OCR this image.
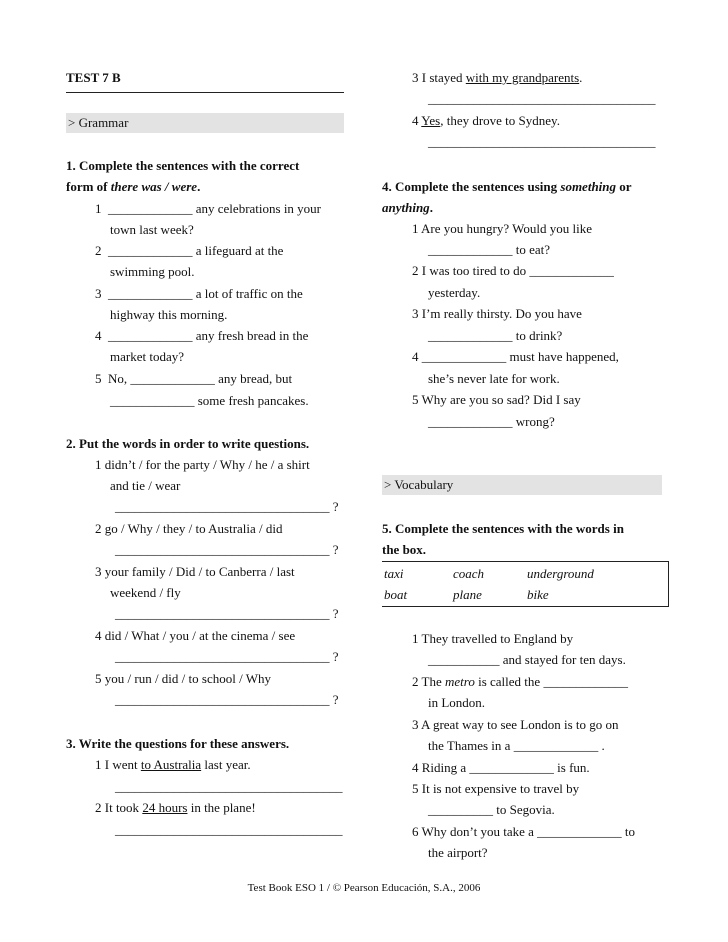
TEST 7 B
> Grammar
1. Complete the sentences with the correct
form of there was / were.
1 _____________ any celebrations in your
town last week?
2 _____________ a lifeguard at the
swimming pool.
3 _____________ a lot of traffic on the
highway this morning.
4 _____________ any fresh bread in the
market today?
5 No, _____________ any bread, but
_____________ some fresh pancakes.
2. Put the words in order to write questions.
1 didn’t / for the party / Why / he / a shirt
and tie / wear
_________________________________ ?
2 go / Why / they / to Australia / did
_________________________________ ?
3 your family / Did / to Canberra / last
weekend / fly
_________________________________ ?
4 did / What / you / at the cinema / see
_________________________________ ?
5 you / run / did / to school / Why
_________________________________ ?
3. Write the questions for these answers.
1 I went to Australia last year.
___________________________________
2 It took 24 hours in the plane!
___________________________________
3 I stayed with my grandparents.
___________________________________
4 Yes, they drove to Sydney.
___________________________________
4. Complete the sentences using something or
anything.
1 Are you hungry? Would you like
_____________ to eat?
2 I was too tired to do _____________
yesterday.
3 I’m really thirsty. Do you have
_____________ to drink?
4 _____________ must have happened,
she’s never late for work.
5 Why are you so sad? Did I say
_____________ wrong?
> Vocabulary
5. Complete the sentences with the words in
the box.
taxi	coach	underground
boat	plane	bike
1 They travelled to England by
___________ and stayed for ten days.
2 The metro is called the _____________
in London.
3 A great way to see London is to go on
the Thames in a _____________ .
4 Riding a _____________ is fun.
5 It is not expensive to travel by
__________ to Segovia.
6 Why don’t you take a _____________ to
the airport?
Test Book ESO 1 / © Pearson Educación, S.A., 2006
